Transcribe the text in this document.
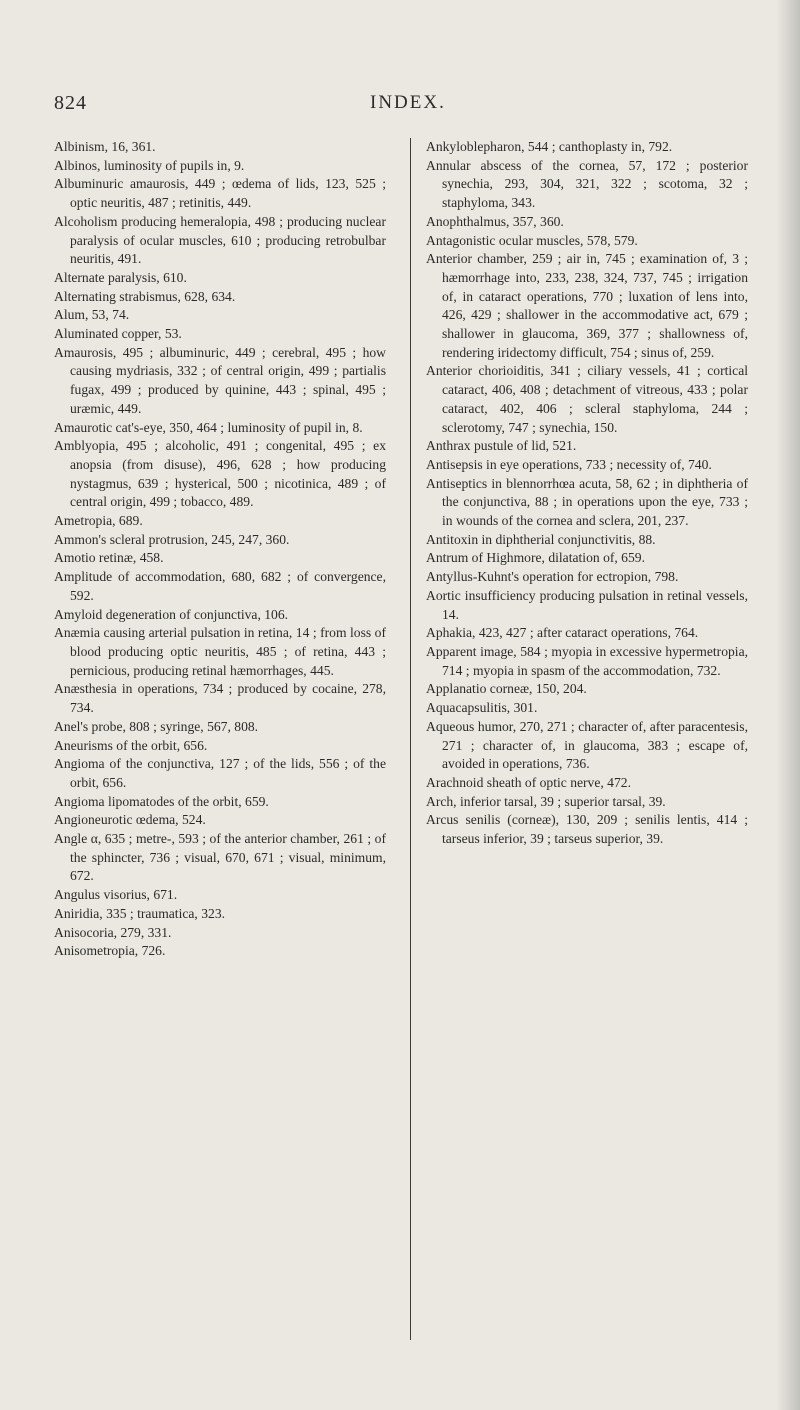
824	INDEX.
Albinism, 16, 361.
Albinos, luminosity of pupils in, 9.
Albuminuric amaurosis, 449 ; œdema of lids, 123, 525 ; optic neuritis, 487 ; retinitis, 449.
Alcoholism producing hemeralopia, 498 ; producing nuclear paralysis of ocular muscles, 610 ; producing retrobulbar neuritis, 491.
Alternate paralysis, 610.
Alternating strabismus, 628, 634.
Alum, 53, 74.
Aluminated copper, 53.
Amaurosis, 495 ; albuminuric, 449 ; cerebral, 495 ; how causing mydriasis, 332 ; of central origin, 499 ; partialis fugax, 499 ; produced by quinine, 443 ; spinal, 495 ; uræmic, 449.
Amaurotic cat's-eye, 350, 464 ; luminosity of pupil in, 8.
Amblyopia, 495 ; alcoholic, 491 ; congenital, 495 ; ex anopsia (from disuse), 496, 628 ; how producing nystagmus, 639 ; hysterical, 500 ; nicotinica, 489 ; of central origin, 499 ; tobacco, 489.
Ametropia, 689.
Ammon's scleral protrusion, 245, 247, 360.
Amotio retinæ, 458.
Amplitude of accommodation, 680, 682 ; of convergence, 592.
Amyloid degeneration of conjunctiva, 106.
Anæmia causing arterial pulsation in retina, 14 ; from loss of blood producing optic neuritis, 485 ; of retina, 443 ; pernicious, producing retinal hæmorrhages, 445.
Anæsthesia in operations, 734 ; produced by cocaine, 278, 734.
Anel's probe, 808 ; syringe, 567, 808.
Aneurisms of the orbit, 656.
Angioma of the conjunctiva, 127 ; of the lids, 556 ; of the orbit, 656.
Angioma lipomatodes of the orbit, 659.
Angioneurotic œdema, 524.
Angle α, 635 ; metre-, 593 ; of the anterior chamber, 261 ; of the sphincter, 736 ; visual, 670, 671 ; visual, minimum, 672.
Angulus visorius, 671.
Aniridia, 335 ; traumatica, 323.
Anisocoria, 279, 331.
Anisometropia, 726.
Ankyloblepharon, 544 ; canthoplasty in, 792.
Annular abscess of the cornea, 57, 172 ; posterior synechia, 293, 304, 321, 322 ; scotoma, 32 ; staphyloma, 343.
Anophthalmus, 357, 360.
Antagonistic ocular muscles, 578, 579.
Anterior chamber, 259 ; air in, 745 ; examination of, 3 ; hæmorrhage into, 233, 238, 324, 737, 745 ; irrigation of, in cataract operations, 770 ; luxation of lens into, 426, 429 ; shallower in the accommodative act, 679 ; shallower in glaucoma, 369, 377 ; shallowness of, rendering iridectomy difficult, 754 ; sinus of, 259.
Anterior chorioiditis, 341 ; ciliary vessels, 41 ; cortical cataract, 406, 408 ; detachment of vitreous, 433 ; polar cataract, 402, 406 ; scleral staphyloma, 244 ; sclerotomy, 747 ; synechia, 150.
Anthrax pustule of lid, 521.
Antisepsis in eye operations, 733 ; necessity of, 740.
Antiseptics in blennorrhœa acuta, 58, 62 ; in diphtheria of the conjunctiva, 88 ; in operations upon the eye, 733 ; in wounds of the cornea and sclera, 201, 237.
Antitoxin in diphtherial conjunctivitis, 88.
Antrum of Highmore, dilatation of, 659.
Antyllus-Kuhnt's operation for ectropion, 798.
Aortic insufficiency producing pulsation in retinal vessels, 14.
Aphakia, 423, 427 ; after cataract operations, 764.
Apparent image, 584 ; myopia in excessive hypermetropia, 714 ; myopia in spasm of the accommodation, 732.
Applanatio corneæ, 150, 204.
Aquacapsulitis, 301.
Aqueous humor, 270, 271 ; character of, after paracentesis, 271 ; character of, in glaucoma, 383 ; escape of, avoided in operations, 736.
Arachnoid sheath of optic nerve, 472.
Arch, inferior tarsal, 39 ; superior tarsal, 39.
Arcus senilis (corneæ), 130, 209 ; senilis lentis, 414 ; tarseus inferior, 39 ; tarseus superior, 39.
